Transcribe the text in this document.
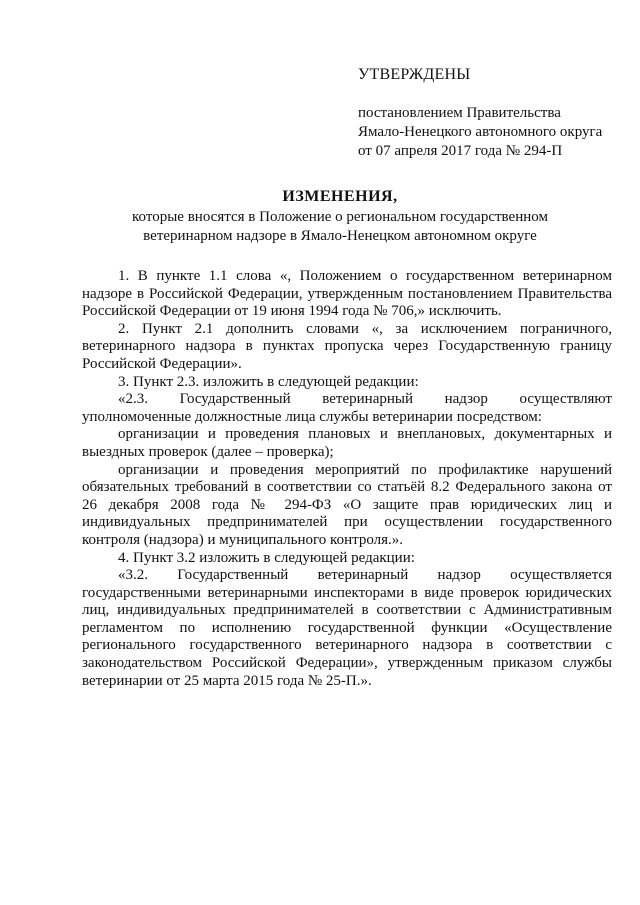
УТВЕРЖДЕНЫ
постановлением Правительства
Ямало-Ненецкого автономного округа
от 07 апреля 2017 года № 294-П
ИЗМЕНЕНИЯ,
которые вносятся в Положение о региональном государственном
ветеринарном надзоре в Ямало-Ненецком автономном округе

1. В пункте 1.1 слова «, Положением о государственном ветеринарном надзоре в Российской Федерации, утвержденным постановлением Правительства Российской Федерации от 19 июня 1994 года № 706,» исключить.

2. Пункт 2.1 дополнить словами «, за исключением пограничного, ветеринарного надзора в пунктах пропуска через Государственную границу Российской Федерации».

3. Пункт 2.3. изложить в следующей редакции:

«2.3. Государственный ветеринарный надзор осуществляют уполномоченные должностные лица службы ветеринарии посредством:

организации и проведения плановых и внеплановых, документарных и выездных проверок (далее – проверка);

организации и проведения мероприятий по профилактике нарушений обязательных требований в соответствии со статьёй 8.2 Федерального закона от 26 декабря 2008 года № 294-ФЗ «О защите прав юридических лиц и индивидуальных предпринимателей при осуществлении государственного контроля (надзора) и муниципального контроля.».

4. Пункт 3.2 изложить в следующей редакции:

«3.2. Государственный ветеринарный надзор осуществляется государственными ветеринарными инспекторами в виде проверок юридических лиц, индивидуальных предпринимателей в соответствии с Административным регламентом по исполнению государственной функции «Осуществление регионального государственного ветеринарного надзора в соответствии с законодательством Российской Федерации», утвержденным приказом службы ветеринарии от 25 марта 2015 года № 25-П.».
